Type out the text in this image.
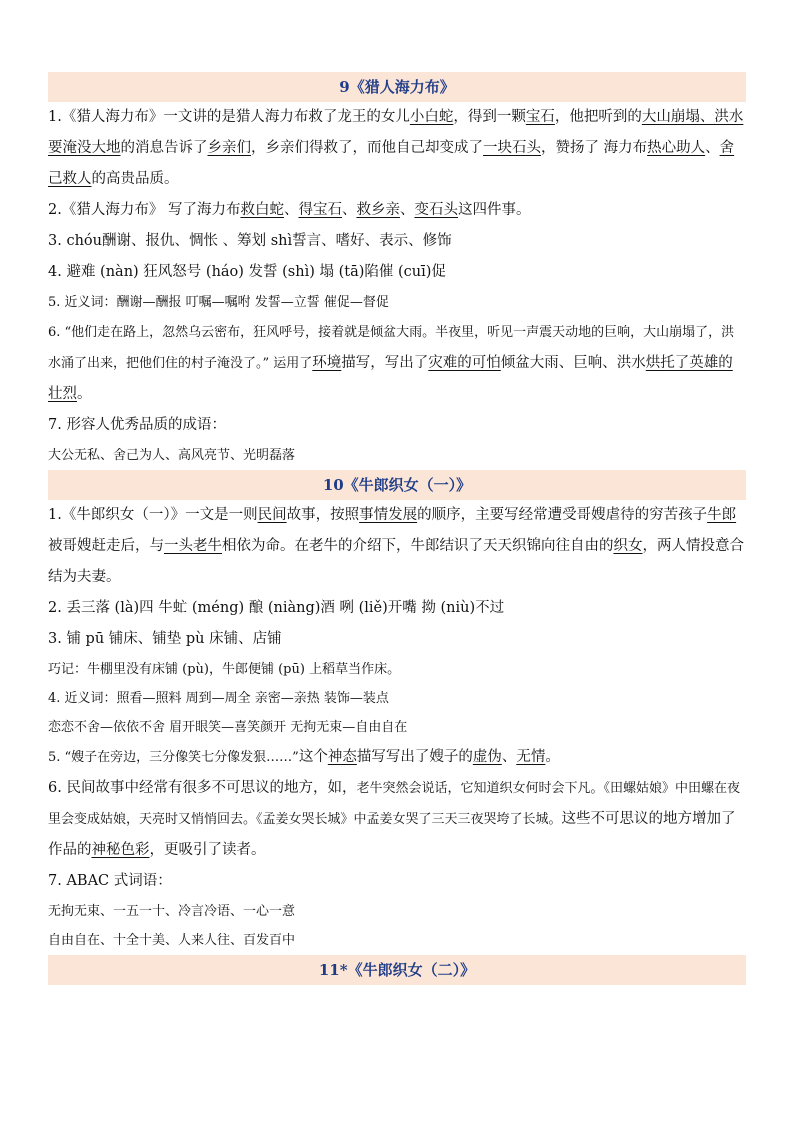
9《猎人海力布》

1.《猎人海力布》一文讲的是猎人海力布救了龙王的女儿小白蛇，得到一颗宝石，他把听到的大山崩塌、洪水要淹没大地的消息告诉了乡亲们，乡亲们得救了，而他自己却变成了一块石头，赞扬了 海力布热心助人、舍己救人的高贵品质。

2.《猎人海力布》 写了海力布救白蛇、得宝石、救乡亲、变石头这四件事。

3. chóu酬谢、报仇、惆怅 、筹划 shì誓言、嗜好、表示、修饰

4. 避难 (nàn) 狂风怒号 (háo) 发誓 (shì) 塌 (tā)陷催 (cuī)促

5. 近义词：酬谢—酬报 叮嘱—嘱咐 发誓—立誓 催促—督促

6. “他们走在路上，忽然乌云密布，狂风呼号，接着就是倾盆大雨。半夜里，听见一声震天动地的巨响，大山崩塌了，洪水涌了出来，把他们住的村子淹没了。” 运用了环境描写，写出了灾难的可怕倾盆大雨、巨响、洪水烘托了英雄的壮烈。

7. 形容人优秀品质的成语：

大公无私、舍己为人、高风亮节、光明磊落

10《牛郎织女（一）》

1.《牛郎织女（一）》一文是一则民间故事，按照事情发展的顺序，主要写经常遭受哥嫂虐待的穷苦孩子牛郎被哥嫂赶走后，与一头老牛相依为命。在老牛的介绍下，牛郎结识了天天织锦向往自由的织女，两人情投意合结为夫妻。

2. 丢三落 (là)四 牛虻 (méng) 酿 (niàng)酒 咧 (liě)开嘴 拗 (niù)不过

3. 铺 pū 铺床、铺垫 pù 床铺、店铺

巧记：牛棚里没有床铺 (pù)，牛郎便铺 (pū) 上稻草当作床。

4. 近义词：照看—照料 周到—周全 亲密—亲热 装饰—装点

恋恋不舍—依依不舍 眉开眼笑—喜笑颜开 无拘无束—自由自在

5. “嫂子在旁边，三分像笑七分像发狠……”这个神态描写写出了嫂子的虚伪、无情。

6. 民间故事中经常有很多不可思议的地方，如，老牛突然会说话，它知道织女何时会下凡。《田螺姑娘》中田螺在夜里会变成姑娘，天亮时又悄悄回去。《孟姜女哭长城》中孟姜女哭了三天三夜哭垮了长城。这些不可思议的地方增加了作品的神秘色彩，更吸引了读者。

7. ABAC 式词语：

无拘无束、一五一十、冷言冷语、一心一意

自由自在、十全十美、人来人往、百发百中

11*《牛郎织女（二）》
